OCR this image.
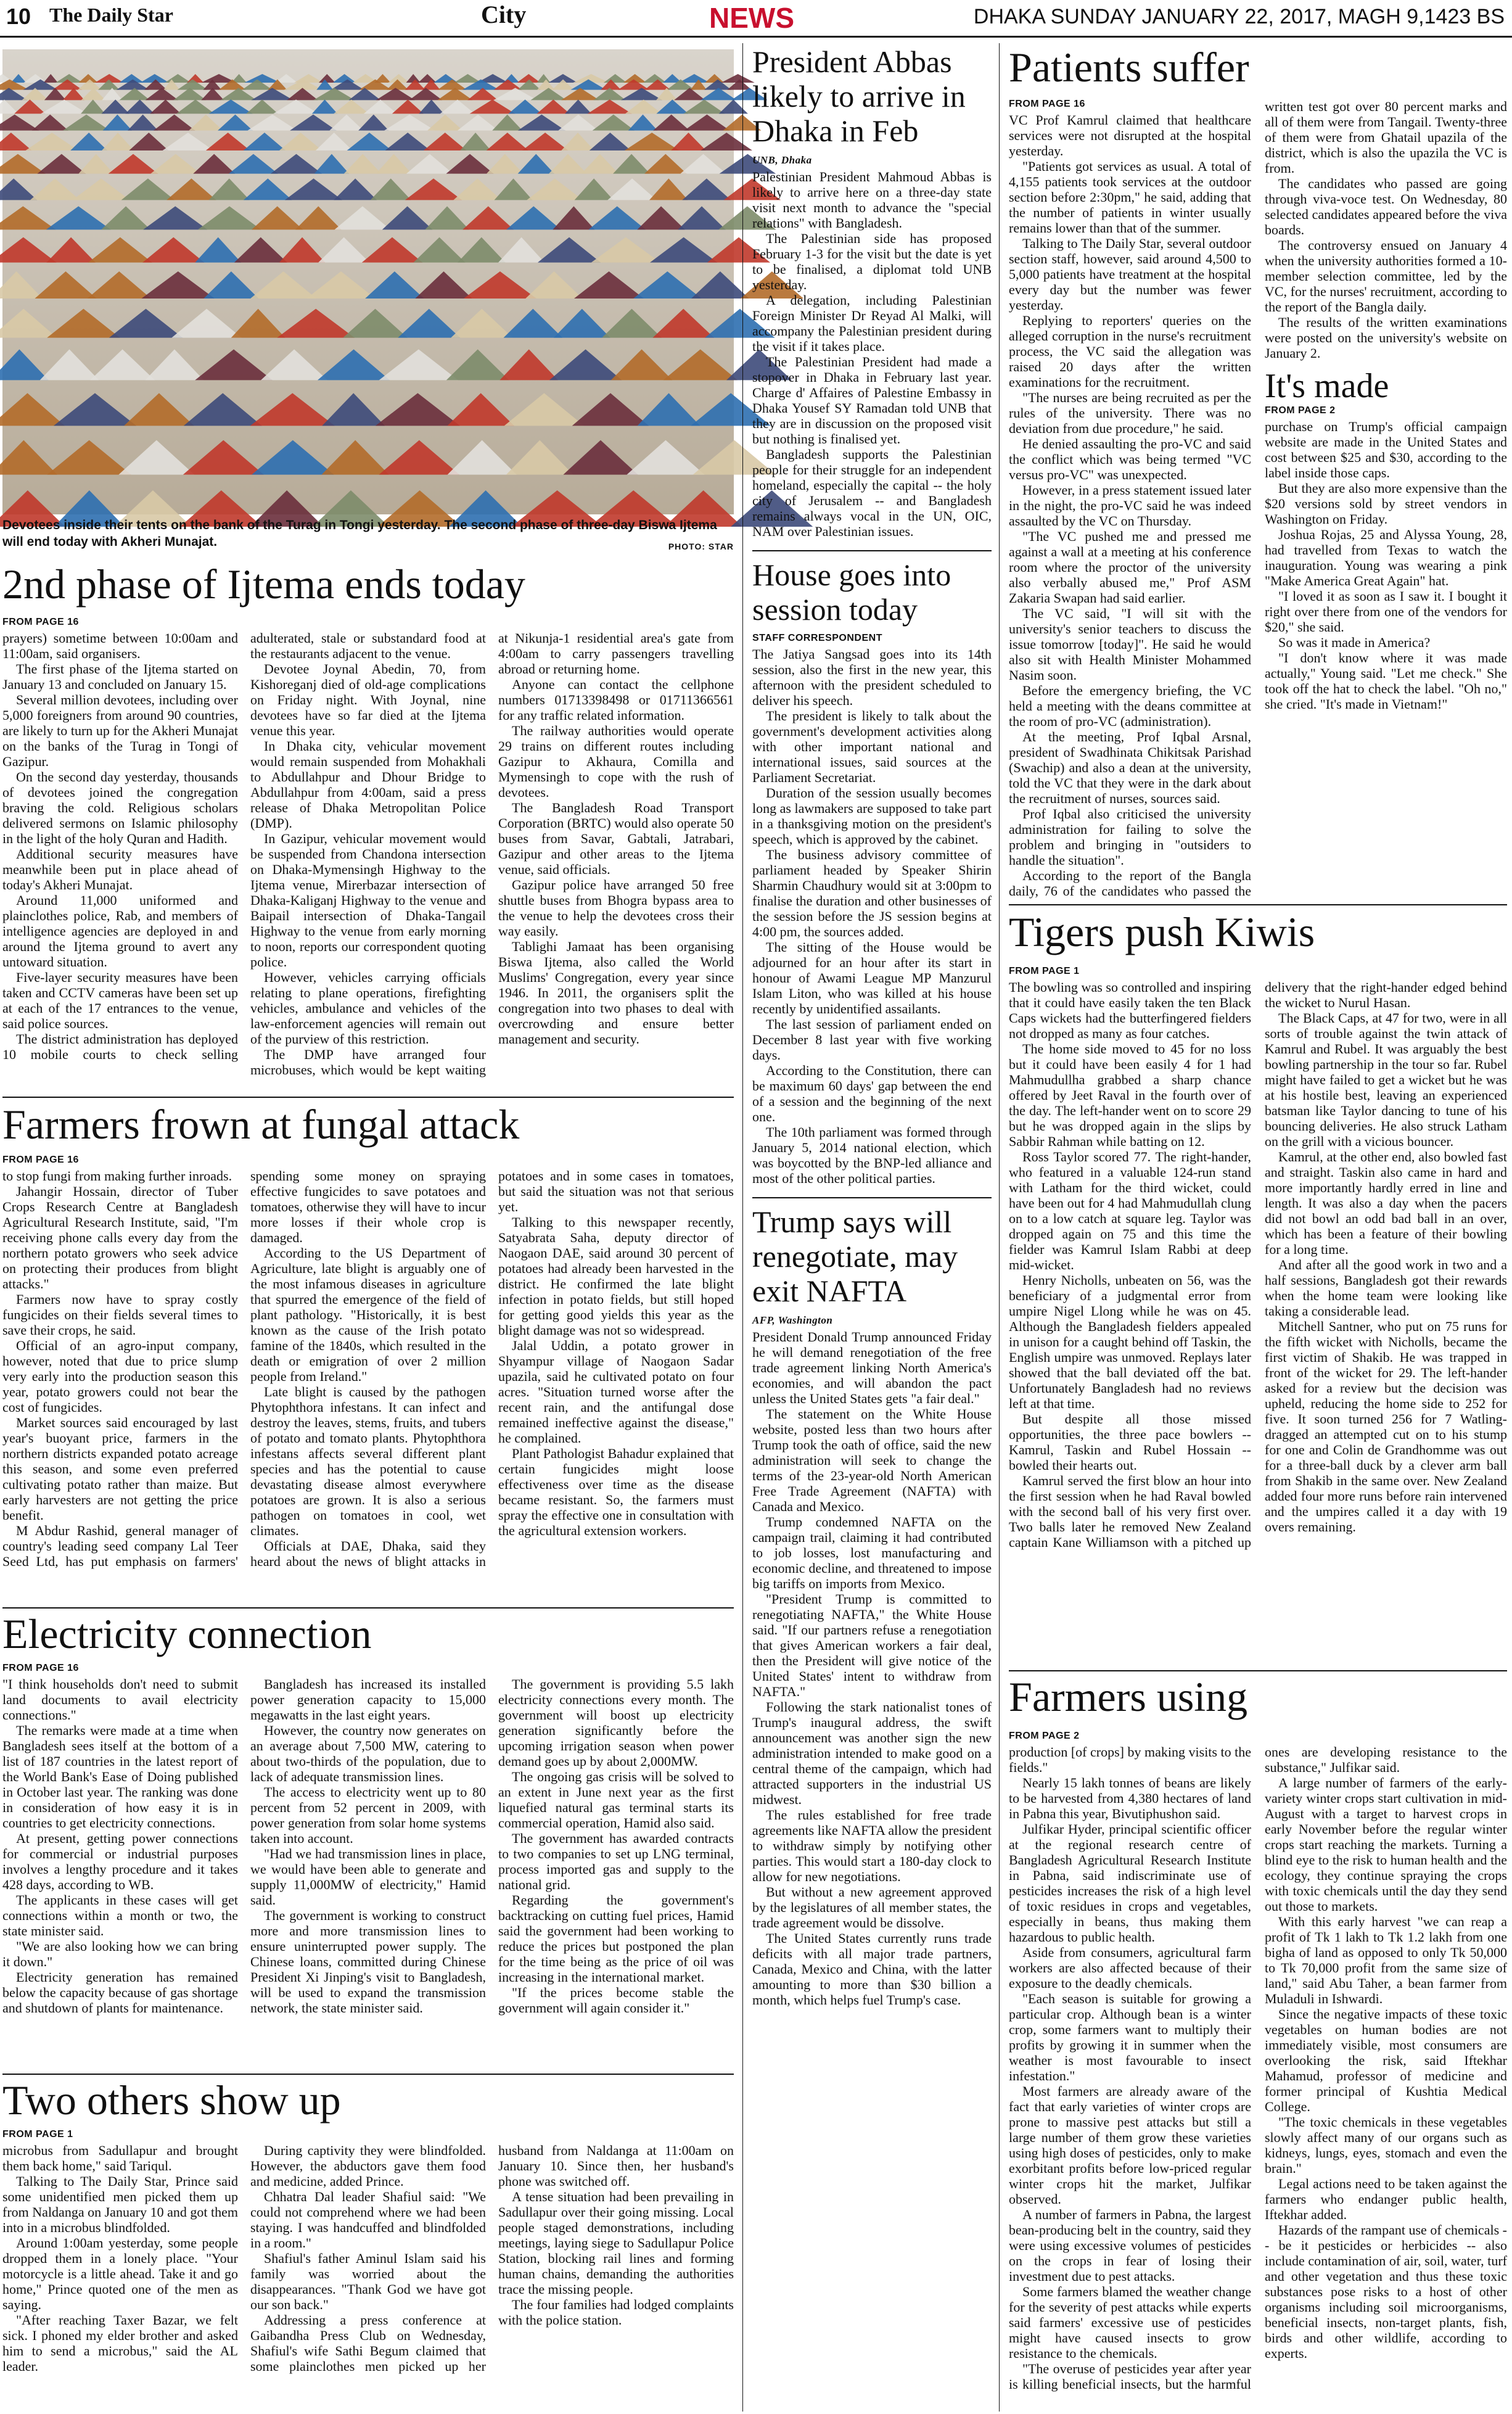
10 The Daily Star	City	NEWS	DHAKA SUNDAY JANUARY 22, 2017, MAGH 9,1423 BS
Devotees inside their tents on the bank of the Turag in Tongi yesterday. The second phase of three-day Biswa Ijtema will end today with Akheri Munajat.	PHOTO: STAR
2nd phase of Ijtema ends today
FROM PAGE 16

prayers) sometime between 10:00am and 11:00am, said organisers.

The first phase of the Ijtema started on January 13 and concluded on January 15.

Several million devotees, including over 5,000 foreigners from around 90 countries, are likely to turn up for the Akheri Munajat on the banks of the Turag in Tongi of Gazipur.

On the second day yesterday, thousands of devotees joined the congregation braving the cold. Religious scholars delivered sermons on Islamic philosophy in the light of the holy Quran and Hadith.

Additional security measures have meanwhile been put in place ahead of today's Akheri Munajat.

Around 11,000 uniformed and plainclothes police, Rab, and members of intelligence agencies are deployed in and around the Ijtema ground to avert any untoward situation.

Five-layer security measures have been taken and CCTV cameras have been set up at each of the 17 entrances to the venue, said police sources.

The district administration has deployed 10 mobile courts to check selling adulterated, stale or substandard food at the restaurants adjacent to the venue.

Devotee Joynal Abedin, 70, from Kishoreganj died of old-age complications on Friday night. With Joynal, nine devotees have so far died at the Ijtema venue this year.

In Dhaka city, vehicular movement would remain suspended from Mohakhali to Abdullahpur and Dhour Bridge to Abdullahpur from 4:00am, said a press release of Dhaka Metropolitan Police (DMP).

In Gazipur, vehicular movement would be suspended from Chandona intersection on Dhaka-Mymensingh Highway to the Ijtema venue, Mirerbazar intersection of Dhaka-Kaliganj Highway to the venue and Baipail intersection of Dhaka-Tangail Highway to the venue from early morning to noon, reports our correspondent quoting police.

However, vehicles carrying officials relating to plane operations, firefighting vehicles, ambulance and vehicles of the law-enforcement agencies will remain out of the purview of this restriction.

The DMP have arranged four microbuses, which would be kept waiting at Nikunja-1 residential area's gate from 4:00am to carry passengers travelling abroad or returning home.

Anyone can contact the cellphone numbers 01713398498 or 01711366561 for any traffic related information.

The railway authorities would operate 29 trains on different routes including Gazipur to Akhaura, Comilla and Mymensingh to cope with the rush of devotees.

The Bangladesh Road Transport Corporation (BRTC) would also operate 50 buses from Savar, Gabtali, Jatrabari, Gazipur and other areas to the Ijtema venue, said officials.

Gazipur police have arranged 50 free shuttle buses from Bhogra bypass area to the venue to help the devotees cross their way easily.

Tablighi Jamaat has been organising Biswa Ijtema, also called the World Muslims' Congregation, every year since 1946. In 2011, the organisers split the congregation into two phases to deal with overcrowding and ensure better management and security.

Farmers frown at fungal attack
FROM PAGE 16

to stop fungi from making further inroads.

Jahangir Hossain, director of Tuber Crops Research Centre at Bangladesh Agricultural Research Institute, said, "I'm receiving phone calls every day from the northern potato growers who seek advice on protecting their produces from blight attacks."

Farmers now have to spray costly fungicides on their fields several times to save their crops, he said.

Official of an agro-input company, however, noted that due to price slump very early into the production season this year, potato growers could not bear the cost of fungicides.

Market sources said encouraged by last year's buoyant price, farmers in the northern districts expanded potato acreage this season, and some even preferred cultivating potato rather than maize. But early harvesters are not getting the price benefit.

M Abdur Rashid, general manager of country's leading seed company Lal Teer Seed Ltd, has put emphasis on farmers' spending some money on spraying effective fungicides to save potatoes and tomatoes, otherwise they will have to incur more losses if their whole crop is damaged.

According to the US Department of Agriculture, late blight is arguably one of the most infamous diseases in agriculture that spurred the emergence of the field of plant pathology. "Historically, it is best known as the cause of the Irish potato famine of the 1840s, which resulted in the death or emigration of over 2 million people from Ireland."

Late blight is caused by the pathogen Phytophthora infestans. It can infect and destroy the leaves, stems, fruits, and tubers of potato and tomato plants. Phytophthora infestans affects several different plant species and has the potential to cause devastating disease almost everywhere potatoes are grown. It is also a serious pathogen on tomatoes in cool, wet climates.

Officials at DAE, Dhaka, said they heard about the news of blight attacks in potatoes and in some cases in tomatoes, but said the situation was not that serious yet.

Talking to this newspaper recently, Satyabrata Saha, deputy director of Naogaon DAE, said around 30 percent of potatoes had already been harvested in the district. He confirmed the late blight infection in potato fields, but still hoped for getting good yields this year as the blight damage was not so widespread.

Jalal Uddin, a potato grower in Shyampur village of Naogaon Sadar upazila, said he cultivated potato on four acres. "Situation turned worse after the recent rain, and the antifungal dose remained ineffective against the disease," he complained.

Plant Pathologist Bahadur explained that certain fungicides might loose effectiveness over time as the disease became resistant. So, the farmers must spray the effective one in consultation with the agricultural extension workers.

Electricity connection
FROM PAGE 16

"I think households don't need to submit land documents to avail electricity connections."

The remarks were made at a time when Bangladesh sees itself at the bottom of a list of 187 countries in the latest report of the World Bank's Ease of Doing published in October last year. The ranking was done in consideration of how easy it is in countries to get electricity connections.

At present, getting power connections for commercial or industrial purposes involves a lengthy procedure and it takes 428 days, according to WB.

The applicants in these cases will get connections within a month or two, the state minister said.

"We are also looking how we can bring it down."

Electricity generation has remained below the capacity because of gas shortage and shutdown of plants for maintenance.

Bangladesh has increased its installed power generation capacity to 15,000 megawatts in the last eight years.

However, the country now generates on an average about 7,500 MW, catering to about two-thirds of the population, due to lack of adequate transmission lines.

The access to electricity went up to 80 percent from 52 percent in 2009, with power generation from solar home systems taken into account.

"Had we had transmission lines in place, we would have been able to generate and supply 11,000MW of electricity," Hamid said.

The government is working to construct more and more transmission lines to ensure uninterrupted power supply. The Chinese loans, committed during Chinese President Xi Jinping's visit to Bangladesh, will be used to expand the transmission network, the state minister said.

The government is providing 5.5 lakh electricity connections every month. The government will boost up electricity generation significantly before the upcoming irrigation season when power demand goes up by about 2,000MW.

The ongoing gas crisis will be solved to an extent in June next year as the first liquefied natural gas terminal starts its commercial operation, Hamid also said.

The government has awarded contracts to two companies to set up LNG terminal, process imported gas and supply to the national grid.

Regarding the government's backtracking on cutting fuel prices, Hamid said the government had been working to reduce the prices but postponed the plan for the time being as the price of oil was increasing in the international market.

"If the prices become stable the government will again consider it."

Two others show up
FROM PAGE 1

microbus from Sadullapur and brought them back home," said Tariqul.

Talking to The Daily Star, Prince said some unidentified men picked them up from Naldanga on January 10 and got them into in a microbus blindfolded.

Around 1:00am yesterday, some people dropped them in a lonely place. "Your motorcycle is a little ahead. Take it and go home," Prince quoted one of the men as saying.

"After reaching Taxer Bazar, we felt sick. I phoned my elder brother and asked him to send a microbus," said the AL leader.

During captivity they were blindfolded. However, the abductors gave them food and medicine, added Prince.

Chhatra Dal leader Shafiul said: "We could not comprehend where we had been staying. I was handcuffed and blindfolded in a room."

Shafiul's father Aminul Islam said his family was worried about the disappearances. "Thank God we have got our son back."

Addressing a press conference at Gaibandha Press Club on Wednesday, Shafiul's wife Sathi Begum claimed that some plainclothes men picked up her husband from Naldanga at 11:00am on January 10. Since then, her husband's phone was switched off.

A tense situation had been prevailing in Sadullapur over their going missing. Local people staged demonstrations, including meetings, laying siege to Sadullapur Police Station, blocking rail lines and forming human chains, demanding the authorities trace the missing people.

The four families had lodged complaints with the police station.

President Abbas likely to arrive in Dhaka in Feb
UNB, Dhaka

Palestinian President Mahmoud Abbas is likely to arrive here on a three-day state visit next month to advance the "special relations" with Bangladesh.

The Palestinian side has proposed February 1-3 for the visit but the date is yet to be finalised, a diplomat told UNB yesterday.

A delegation, including Palestinian Foreign Minister Dr Reyad Al Malki, will accompany the Palestinian president during the visit if it takes place.

The Palestinian President had made a stopover in Dhaka in February last year. Charge d' Affaires of Palestine Embassy in Dhaka Yousef SY Ramadan told UNB that they are in discussion on the proposed visit but nothing is finalised yet.

Bangladesh supports the Palestinian people for their struggle for an independent homeland, especially the capital -- the holy city of Jerusalem -- and Bangladesh remains always vocal in the UN, OIC, NAM over Palestinian issues.

House goes into session today
STAFF CORRESPONDENT

The Jatiya Sangsad goes into its 14th session, also the first in the new year, this afternoon with the president scheduled to deliver his speech.

The president is likely to talk about the government's development activities along with other important national and international issues, said sources at the Parliament Secretariat.

Duration of the session usually becomes long as lawmakers are supposed to take part in a thanksgiving motion on the president's speech, which is approved by the cabinet.

The business advisory committee of parliament headed by Speaker Shirin Sharmin Chaudhury would sit at 3:00pm to finalise the duration and other businesses of the session before the JS session begins at 4:00 pm, the sources added.

The sitting of the House would be adjourned for an hour after its start in honour of Awami League MP Manzurul Islam Liton, who was killed at his house recently by unidentified assailants.

The last session of parliament ended on December 8 last year with five working days.

According to the Constitution, there can be maximum 60 days' gap between the end of a session and the beginning of the next one.

The 10th parliament was formed through January 5, 2014 national election, which was boycotted by the BNP-led alliance and most of the other political parties.

Trump says will renegotiate, may exit NAFTA
AFP, Washington

President Donald Trump announced Friday he will demand renegotiation of the free trade agreement linking North America's economies, and will abandon the pact unless the United States gets "a fair deal."

The statement on the White House website, posted less than two hours after Trump took the oath of office, said the new administration will seek to change the terms of the 23-year-old North American Free Trade Agreement (NAFTA) with Canada and Mexico.

Trump condemned NAFTA on the campaign trail, claiming it had contributed to job losses, lost manufacturing and economic decline, and threatened to impose big tariffs on imports from Mexico.

"President Trump is committed to renegotiating NAFTA," the White House said. "If our partners refuse a renegotiation that gives American workers a fair deal, then the President will give notice of the United States' intent to withdraw from NAFTA."

Following the stark nationalist tones of Trump's inaugural address, the swift announcement was another sign the new administration intended to make good on a central theme of the campaign, which had attracted supporters in the industrial US midwest.

The rules established for free trade agreements like NAFTA allow the president to withdraw simply by notifying other parties. This would start a 180-day clock to allow for new negotiations.

But without a new agreement approved by the legislatures of all member states, the trade agreement would be dissolve.

The United States currently runs trade deficits with all major trade partners, Canada, Mexico and China, with the latter amounting to more than $30 billion a month, which helps fuel Trump's case.

Patients suffer
FROM PAGE 16

VC Prof Kamrul claimed that healthcare services were not disrupted at the hospital yesterday.

"Patients got services as usual. A total of 4,155 patients took services at the outdoor section before 2:30pm," he said, adding that the number of patients in winter usually remains lower than that of the summer.

Talking to The Daily Star, several outdoor section staff, however, said around 4,500 to 5,000 patients have treatment at the hospital every day but the number was fewer yesterday.

Replying to reporters' queries on the alleged corruption in the nurse's recruitment process, the VC said the allegation was raised 20 days after the written examinations for the recruitment.

"The nurses are being recruited as per the rules of the university. There was no deviation from due procedure," he said.

He denied assaulting the pro-VC and said the conflict which was being termed "VC versus pro-VC" was unexpected.

However, in a press statement issued later in the night, the pro-VC said he was indeed assaulted by the VC on Thursday.

"The VC pushed me and pressed me against a wall at a meeting at his conference room where the proctor of the university also verbally abused me," Prof ASM Zakaria Swapan had said earlier.

The VC said, "I will sit with the university's senior teachers to discuss the issue tomorrow [today]". He said he would also sit with Health Minister Mohammed Nasim soon.

Before the emergency briefing, the VC held a meeting with the deans committee at the room of pro-VC (administration).

At the meeting, Prof Iqbal Arsnal, president of Swadhinata Chikitsak Parishad (Swachip) and also a dean at the university, told the VC that they were in the dark about the recruitment of nurses, sources said.

Prof Iqbal also criticised the university administration for failing to solve the problem and bringing in "outsiders to handle the situation".

According to the report of the Bangla daily, 76 of the candidates who passed the written test got over 80 percent marks and all of them were from Tangail. Twenty-three of them were from Ghatail upazila of the district, which is also the upazila the VC is from.

The candidates who passed are going through viva-voce test. On Wednesday, 80 selected candidates appeared before the viva boards.

The controversy ensued on January 4 when the university authorities formed a 10-member selection committee, led by the VC, for the nurses' recruitment, according to the report of the Bangla daily.

The results of the written examinations were posted on the university's website on January 2.

It's made
FROM PAGE 2

purchase on Trump's official campaign website are made in the United States and cost between $25 and $30, according to the label inside those caps.

But they are also more expensive than the $20 versions sold by street vendors in Washington on Friday.

Joshua Rojas, 25 and Alyssa Young, 28, had travelled from Texas to watch the inauguration. Young was wearing a pink "Make America Great Again" hat.

"I loved it as soon as I saw it. I bought it right over there from one of the vendors for $20," she said.

So was it made in America?

"I don't know where it was made actually," Young said. "Let me check." She took off the hat to check the label. "Oh no," she cried. "It's made in Vietnam!"

Tigers push Kiwis
FROM PAGE 1

The bowling was so controlled and inspiring that it could have easily taken the ten Black Caps wickets had the butterfingered fielders not dropped as many as four catches.

The home side moved to 45 for no loss but it could have been easily 4 for 1 had Mahmudullha grabbed a sharp chance offered by Jeet Raval in the fourth over of the day. The left-hander went on to score 29 but he was dropped again in the slips by Sabbir Rahman while batting on 12.

Ross Taylor scored 77. The right-hander, who featured in a valuable 124-run stand with Latham for the third wicket, could have been out for 4 had Mahmudullah clung on to a low catch at square leg. Taylor was dropped again on 75 and this time the fielder was Kamrul Islam Rabbi at deep mid-wicket.

Henry Nicholls, unbeaten on 56, was the beneficiary of a judgmental error from umpire Nigel Llong while he was on 45. Although the Bangladesh fielders appealed in unison for a caught behind off Taskin, the English umpire was unmoved. Replays later showed that the ball deviated off the bat. Unfortunately Bangladesh had no reviews left at that time.

But despite all those missed opportunities, the three pace bowlers -- Kamrul, Taskin and Rubel Hossain -- bowled their hearts out.

Kamrul served the first blow an hour into the first session when he had Raval bowled with the second ball of his very first over. Two balls later he removed New Zealand captain Kane Williamson with a pitched up delivery that the right-hander edged behind the wicket to Nurul Hasan.

The Black Caps, at 47 for two, were in all sorts of trouble against the twin attack of Kamrul and Rubel. It was arguably the best bowling partnership in the tour so far. Rubel might have failed to get a wicket but he was at his hostile best, leaving an experienced batsman like Taylor dancing to tune of his bouncing deliveries. He also struck Latham on the grill with a vicious bouncer.

Kamrul, at the other end, also bowled fast and straight. Taskin also came in hard and more importantly hardly erred in line and length. It was also a day when the pacers did not bowl an odd bad ball in an over, which has been a feature of their bowling for a long time.

And after all the good work in two and a half sessions, Bangladesh got their rewards when the home team were looking like taking a considerable lead.

Mitchell Santner, who put on 75 runs for the fifth wicket with Nicholls, became the first victim of Shakib. He was trapped in front of the wicket for 29. The left-hander asked for a review but the decision was upheld, reducing the home side to 252 for five. It soon turned 256 for 7 Watling-dragged an attempted cut on to his stump for one and Colin de Grandhomme was out for a three-ball duck by a clever arm ball from Shakib in the same over. New Zealand added four more runs before rain intervened and the umpires called it a day with 19 overs remaining.

Farmers using
FROM PAGE 2

production [of crops] by making visits to the fields."

Nearly 15 lakh tonnes of beans are likely to be harvested from 4,380 hectares of land in Pabna this year, Bivutiphushon said.

Julfikar Hyder, principal scientific officer at the regional research centre of Bangladesh Agricultural Research Institute in Pabna, said indiscriminate use of pesticides increases the risk of a high level of toxic residues in crops and vegetables, especially in beans, thus making them hazardous to public health.

Aside from consumers, agricultural farm workers are also affected because of their exposure to the deadly chemicals.

"Each season is suitable for growing a particular crop. Although bean is a winter crop, some farmers want to multiply their profits by growing it in summer when the weather is most favourable to insect infestation."

Most farmers are already aware of the fact that early varieties of winter crops are prone to massive pest attacks but still a large number of them grow these varieties using high doses of pesticides, only to make exorbitant profits before low-priced regular winter crops hit the market, Julfikar observed.

A number of farmers in Pabna, the largest bean-producing belt in the country, said they were using excessive volumes of pesticides on the crops in fear of losing their investment due to pest attacks.

Some farmers blamed the weather change for the severity of pest attacks while experts said farmers' excessive use of pesticides might have caused insects to grow resistance to the chemicals.

"The overuse of pesticides year after year is killing beneficial insects, but the harmful ones are developing resistance to the substance," Julfikar said.

A large number of farmers of the early-variety winter crops start cultivation in mid-August with a target to harvest crops in early November before the regular winter crops start reaching the markets. Turning a blind eye to the risk to human health and the ecology, they continue spraying the crops with toxic chemicals until the day they send out those to markets.

With this early harvest "we can reap a profit of Tk 1 lakh to Tk 1.2 lakh from one bigha of land as opposed to only Tk 50,000 to Tk 70,000 profit from the same size of land," said Abu Taher, a bean farmer from Muladuli in Ishwardi.

Since the negative impacts of these toxic vegetables on human bodies are not immediately visible, most consumers are overlooking the risk, said Iftekhar Mahamud, professor of medicine and former principal of Kushtia Medical College.

"The toxic chemicals in these vegetables slowly affect many of our organs such as kidneys, lungs, eyes, stomach and even the brain."

Legal actions need to be taken against the farmers who endanger public health, Iftekhar added.

Hazards of the rampant use of chemicals -- be it pesticides or herbicides -- also include contamination of air, soil, water, turf and other vegetation and thus these toxic substances pose risks to a host of other organisms including soil microorganisms, beneficial insects, non-target plants, fish, birds and other wildlife, according to experts.
